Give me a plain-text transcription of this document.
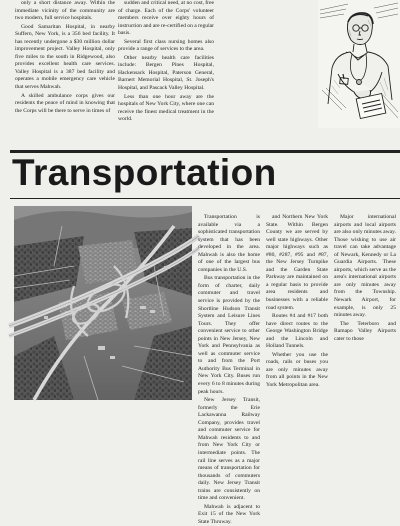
only a short distance away. Within the immediate vicinity of the community are two modern, full service hospitals.

Good Samaritan Hospital, in nearby Suffern, New York, is a 356 bed facility. It has recently undergone a $30 million dollar improvement project. Valley Hospital, only five miles to the south in Ridgewood, also provides excellent health care services. Valley Hospital is a 387 bed facility and operates a mobile emergency care vehicle that serves Mahwah.

A skilled ambulance corps gives our residents the peace of mind in knowing that the Corps will be there to serve in times of

sudden and critical need, at no cost, free of charge. Each of the Corps' volunteer members receive over eighty hours of instruction and are re-certified on a regular basis.

Several first class nursing homes also provide a range of services to the area.

Other nearby health care facilities include: Bergen Pines Hospital, Hackensack Hospital, Paterson General, Barnert Memorial Hospital, St. Joseph's Hospital, and Pascack Valley Hospital.

Less than one hour away are the hospitals of New York City, where one can receive the finest medical treatment in the world.

Transportation

Transportation is available via a sophisticated transportation system that has been developed in the area. Mahwah is also the home of one of the largest bus companies in the U.S.

Bus transportation in the form of charter, daily commuter and travel service is provided by the Shortline Hudson Transit System and Leisure Lines Tours. They offer convenient service to other points in New Jersey, New York and Pennsylvania as well as commuter service to and from the Port Authority Bus Terminal in New York City. Buses run every 6 to 8 minutes during peak hours.

New Jersey Transit, formerly the Erie Lackawanna Railway Company, provides travel and commuter service for Mahwah residents to and from New York City or intermediate points. The rail line serves as a major means of transportation for thousands of commuters daily. New Jersey Transit trains are consistently on time and convenient.

Mahwah is adjacent to Exit 15 of the New York State Thruway.

and Northern New York State. Within Bergen County we are served by well state highways. Other major highways such as #80, #287, #95 and #87, the New Jersey Turnpike and the Garden State Parkway are maintained on a regular basis to provide area residents and businesses with a reliable road system.

Routes #4 and #17 both have direct routes to the George Washington Bridge and the Lincoln and Holland Tunnels.

Whether you use the roads, rails or buses you are only minutes away from all points in the New York Metropolitan area.

Major international airports and local airports are also only minutes away. Those wishing to use air travel can take advantage of Newark, Kennedy or La Guardia Airports. These airports, which serve as the area's international airports are only minutes away from the Township. Newark Airport, for example, is only 25 minutes away.

The Teterboro and Ramapo Valley Airports cater to those
